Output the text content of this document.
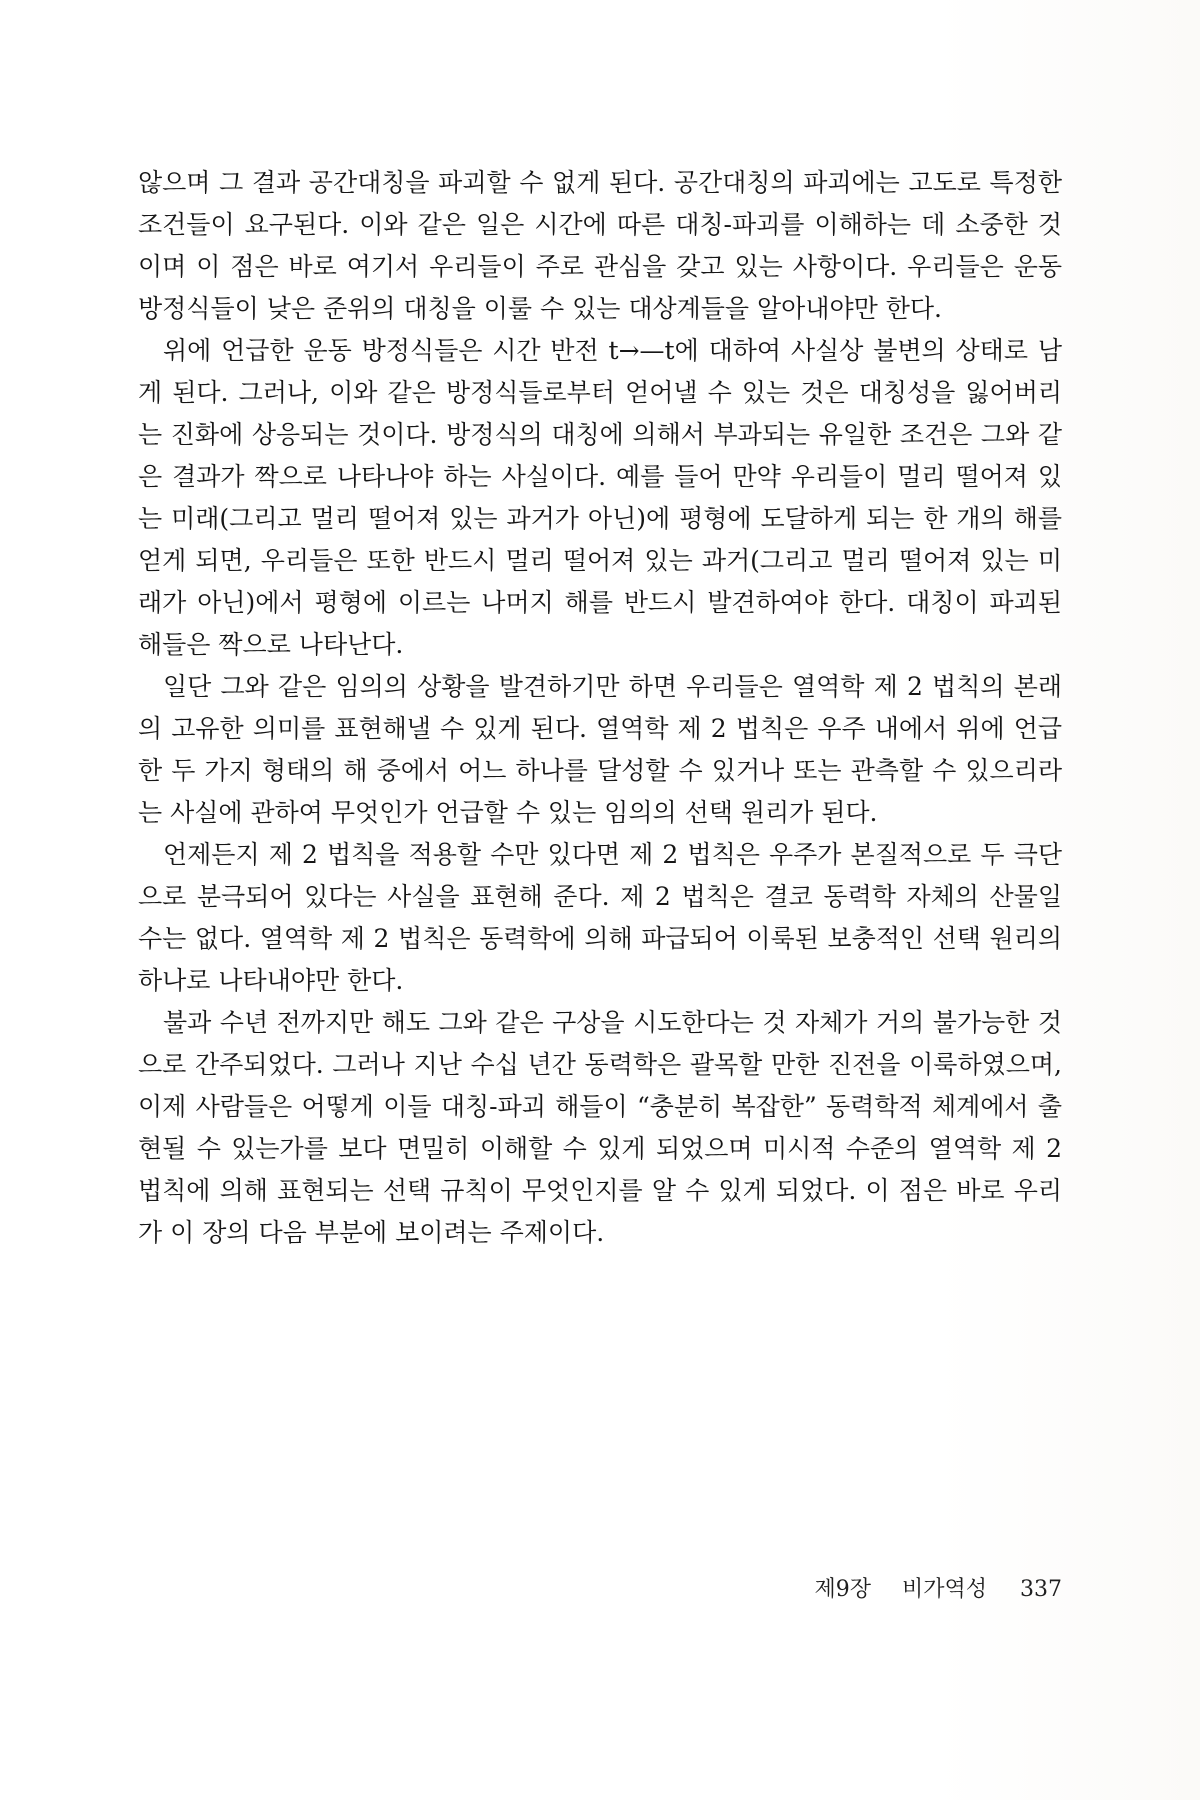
않으며 그 결과 공간대칭을 파괴할 수 없게 된다. 공간대칭의 파괴에는 고도로 특정한 조건들이 요구된다. 이와 같은 일은 시간에 따른 대칭-파괴를 이해하는 데 소중한 것이며 이 점은 바로 여기서 우리들이 주로 관심을 갖고 있는 사항이다. 우리들은 운동 방정식들이 낮은 준위의 대칭을 이룰 수 있는 대상계들을 알아내야만 한다.

위에 언급한 운동 방정식들은 시간 반전 t→—t에 대하여 사실상 불변의 상태로 남게 된다. 그러나, 이와 같은 방정식들로부터 얻어낼 수 있는 것은 대칭성을 잃어버리는 진화에 상응되는 것이다. 방정식의 대칭에 의해서 부과되는 유일한 조건은 그와 같은 결과가 짝으로 나타나야 하는 사실이다. 예를 들어 만약 우리들이 멀리 떨어져 있는 미래(그리고 멀리 떨어져 있는 과거가 아닌)에 평형에 도달하게 되는 한 개의 해를 얻게 되면, 우리들은 또한 반드시 멀리 떨어져 있는 과거(그리고 멀리 떨어져 있는 미래가 아닌)에서 평형에 이르는 나머지 해를 반드시 발견하여야 한다. 대칭이 파괴된 해들은 짝으로 나타난다.

일단 그와 같은 임의의 상황을 발견하기만 하면 우리들은 열역학 제 2 법칙의 본래의 고유한 의미를 표현해낼 수 있게 된다. 열역학 제 2 법칙은 우주 내에서 위에 언급한 두 가지 형태의 해 중에서 어느 하나를 달성할 수 있거나 또는 관측할 수 있으리라는 사실에 관하여 무엇인가 언급할 수 있는 임의의 선택 원리가 된다.

언제든지 제 2 법칙을 적용할 수만 있다면 제 2 법칙은 우주가 본질적으로 두 극단으로 분극되어 있다는 사실을 표현해 준다. 제 2 법칙은 결코 동력학 자체의 산물일 수는 없다. 열역학 제 2 법칙은 동력학에 의해 파급되어 이룩된 보충적인 선택 원리의 하나로 나타내야만 한다.

불과 수년 전까지만 해도 그와 같은 구상을 시도한다는 것 자체가 거의 불가능한 것으로 간주되었다. 그러나 지난 수십 년간 동력학은 괄목할 만한 진전을 이룩하였으며, 이제 사람들은 어떻게 이들 대칭-파괴 해들이 “충분히 복잡한” 동력학적 체계에서 출현될 수 있는가를 보다 면밀히 이해할 수 있게 되었으며 미시적 수준의 열역학 제 2 법칙에 의해 표현되는 선택 규칙이 무엇인지를 알 수 있게 되었다. 이 점은 바로 우리가 이 장의 다음 부분에 보이려는 주제이다.

제9장 비가역성 337
